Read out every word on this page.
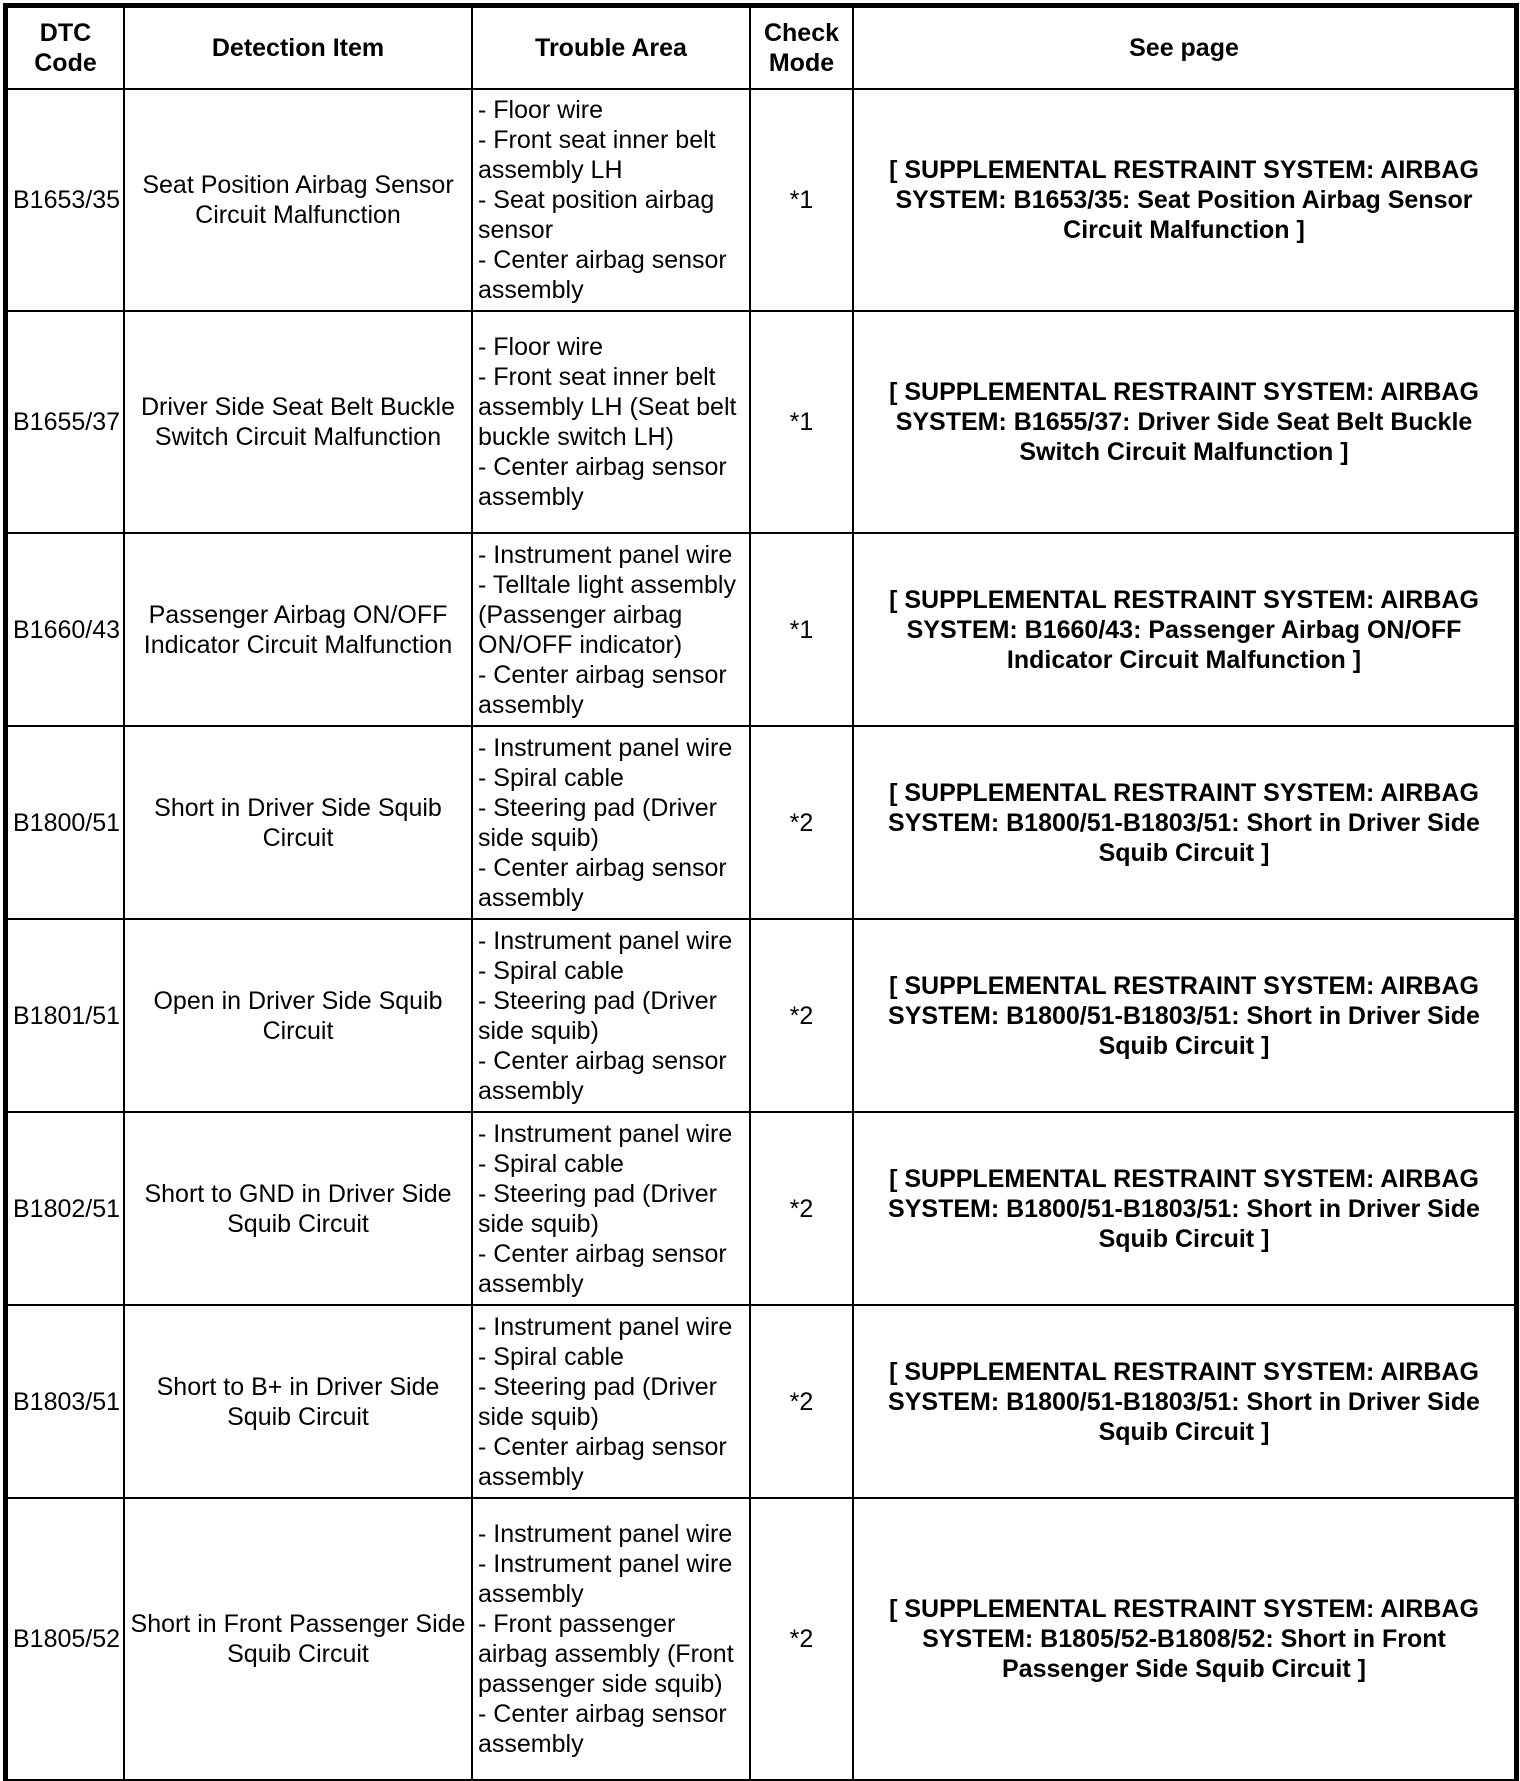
DTC Code	Detection Item	Trouble Area	Check Mode	See page
B1653/35	Seat Position Airbag Sensor Circuit Malfunction	- Floor wire
- Front seat inner belt assembly LH
- Seat position airbag sensor
- Center airbag sensor assembly	*1	[ SUPPLEMENTAL RESTRAINT SYSTEM: AIRBAG SYSTEM: B1653/35: Seat Position Airbag Sensor Circuit Malfunction ]
B1655/37	Driver Side Seat Belt Buckle Switch Circuit Malfunction	- Floor wire
- Front seat inner belt assembly LH (Seat belt buckle switch LH)
- Center airbag sensor assembly	*1	[ SUPPLEMENTAL RESTRAINT SYSTEM: AIRBAG SYSTEM: B1655/37: Driver Side Seat Belt Buckle Switch Circuit Malfunction ]
B1660/43	Passenger Airbag ON/OFF Indicator Circuit Malfunction	- Instrument panel wire
- Telltale light assembly (Passenger airbag ON/OFF indicator)
- Center airbag sensor assembly	*1	[ SUPPLEMENTAL RESTRAINT SYSTEM: AIRBAG SYSTEM: B1660/43: Passenger Airbag ON/OFF Indicator Circuit Malfunction ]
B1800/51	Short in Driver Side Squib Circuit	- Instrument panel wire
- Spiral cable
- Steering pad (Driver side squib)
- Center airbag sensor assembly	*2	[ SUPPLEMENTAL RESTRAINT SYSTEM: AIRBAG SYSTEM: B1800/51-B1803/51: Short in Driver Side Squib Circuit ]
B1801/51	Open in Driver Side Squib Circuit	- Instrument panel wire
- Spiral cable
- Steering pad (Driver side squib)
- Center airbag sensor assembly	*2	[ SUPPLEMENTAL RESTRAINT SYSTEM: AIRBAG SYSTEM: B1800/51-B1803/51: Short in Driver Side Squib Circuit ]
B1802/51	Short to GND in Driver Side Squib Circuit	- Instrument panel wire
- Spiral cable
- Steering pad (Driver side squib)
- Center airbag sensor assembly	*2	[ SUPPLEMENTAL RESTRAINT SYSTEM: AIRBAG SYSTEM: B1800/51-B1803/51: Short in Driver Side Squib Circuit ]
B1803/51	Short to B+ in Driver Side Squib Circuit	- Instrument panel wire
- Spiral cable
- Steering pad (Driver side squib)
- Center airbag sensor assembly	*2	[ SUPPLEMENTAL RESTRAINT SYSTEM: AIRBAG SYSTEM: B1800/51-B1803/51: Short in Driver Side Squib Circuit ]
B1805/52	Short in Front Passenger Side Squib Circuit	- Instrument panel wire
- Instrument panel wire assembly
- Front passenger airbag assembly (Front passenger side squib)
- Center airbag sensor assembly	*2	[ SUPPLEMENTAL RESTRAINT SYSTEM: AIRBAG SYSTEM: B1805/52-B1808/52: Short in Front Passenger Side Squib Circuit ]
